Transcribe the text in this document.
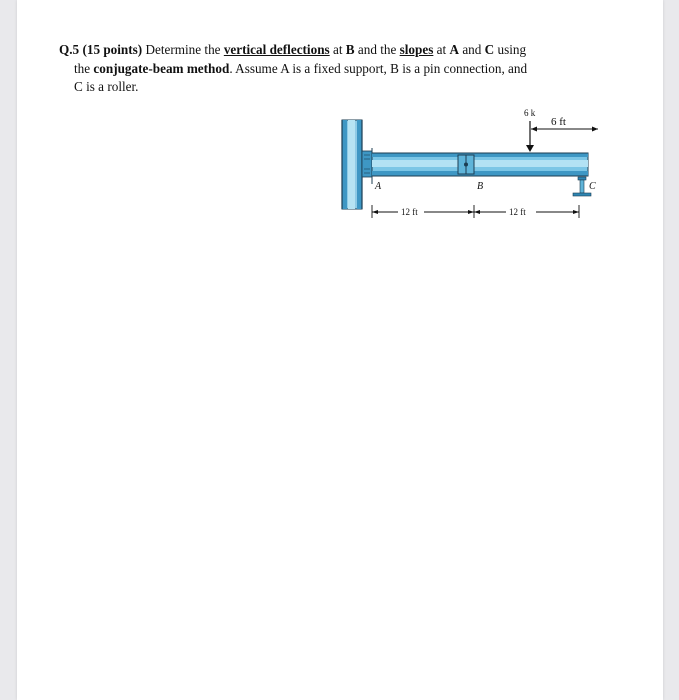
Q.5 (15 points) Determine the vertical deflections at B and the slopes at A and C using
the conjugate-beam method. Assume A is a fixed support, B is a pin connection, and
C is a roller.
6 k
6 ft
A	B	C
12 ft	12 ft
